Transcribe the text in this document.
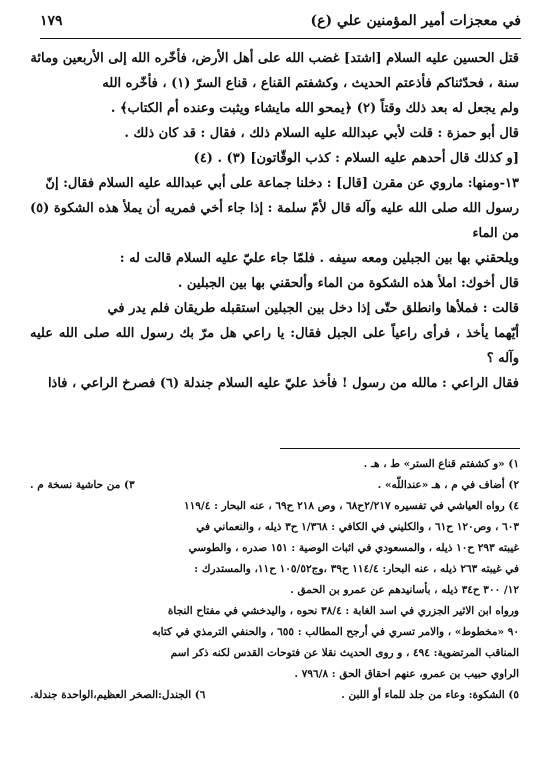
في معجزات أمير المؤمنين علي (ع)
١٧٩

قتل الحسين عليه السلام [اشتد] غضب الله على أهل الأرض، فأخّره الله إلى الأربعين ومائة

سنة ، فحدّثناكم فأذعتم الحديث ، وكشفتم القناع ، قناع السرّ (١) ، فأخّره الله

ولم يجعل له بعد ذلك وقتاً (٢) ﴿يمحو الله مايشاء ويثبت وعنده أم الكتاب﴾ .

قال أبو حمزة : قلت لأبي عبدالله عليه السلام ذلك ، فقال : قد كان ذلك .

[و كذلك قال أحدهم عليه السلام : كذب الوقّاتون] (٣) . (٤)

١٣-ومنها: ماروي عن مقرن [قال] : دخلنا جماعة على أبي عبدالله عليه السلام فقال: إنّ

رسول الله صلى الله عليه وآله قال لأمّ سلمة : إذا جاء أخي فمريه أن يملأ هذه الشكوة (٥) من الماء

ويلحقني بها بين الجبلين ومعه سيفه . فلمّا جاء عليّ عليه السلام قالت له :

قال أخوك: املأ هذه الشكوة من الماء وألحقني بها بين الجبلين .

قالت : فملأها وانطلق حتّى إذا دخل بين الجبلين استقبله طريقان فلم يدر في

أيّهما يأخذ ، فرأى راعياً على الجبل فقال: يا راعي هل مرّ بك رسول الله صلى الله عليه وآله ؟

فقال الراعي : مالله من رسول ! فأخذ عليّ عليه السلام جندلة (٦) فصرخ الراعي ، فاذا

١) «و كشفتم قناع الستر» ط ، هـ .

٢) أضاف في م ، هـ «عنداللّه» .
٣) من حاشية نسخة م .

٤) رواه العياشي في تفسيره ٢/٢١٧ح٦٨ ، وص ٢١٨ ح٦٩ ، عنه البحار : ١١٩/٤

٦٠٣ ، وص١٢٠ ح٦١ ، والكليني في الكافي : ١/٣٦٨ ح٣ ذيله ، والنعماني في

غيبته ٢٩٣ ح١٠ ذيله ، والمسعودي في اثبات الوصية : ١٥١ صدره ، والطوسي

في غيبته ٢٦٣ ذيله ، عنه البحار: ١١٤/٤ ح٣٩ ،وج١٠٥/٥٢ ح١١، والمستدرك :

١٢/ ٣٠٠ ح٣٤ ذيله ، بأسانيدهم عن عمرو بن الحمق .

ورواه ابن الاثير الجزري في اسد الغابة : ٣٨/٤ نحوه ، واليدخشي في مفتاح النجاة

٩٠ «مخطوط» ، والامر تسري في أرجح المطالب : ٦٥٥ ، والحنفي الترمذي في كتابه

المناقب المرتضوية: ٤٩٤ ، و روى الحديث نقلا عن فتوحات القدس لكنه ذكر اسم

الراوي حبيب بن عمرو، عنهم احقاق الحق : ٧٩٦/٨ .

٥) الشكوة: وعاء من جلد للماء أو اللبن .
٦) الجندل:الصخر العظيم،الواحدة جندلة.
